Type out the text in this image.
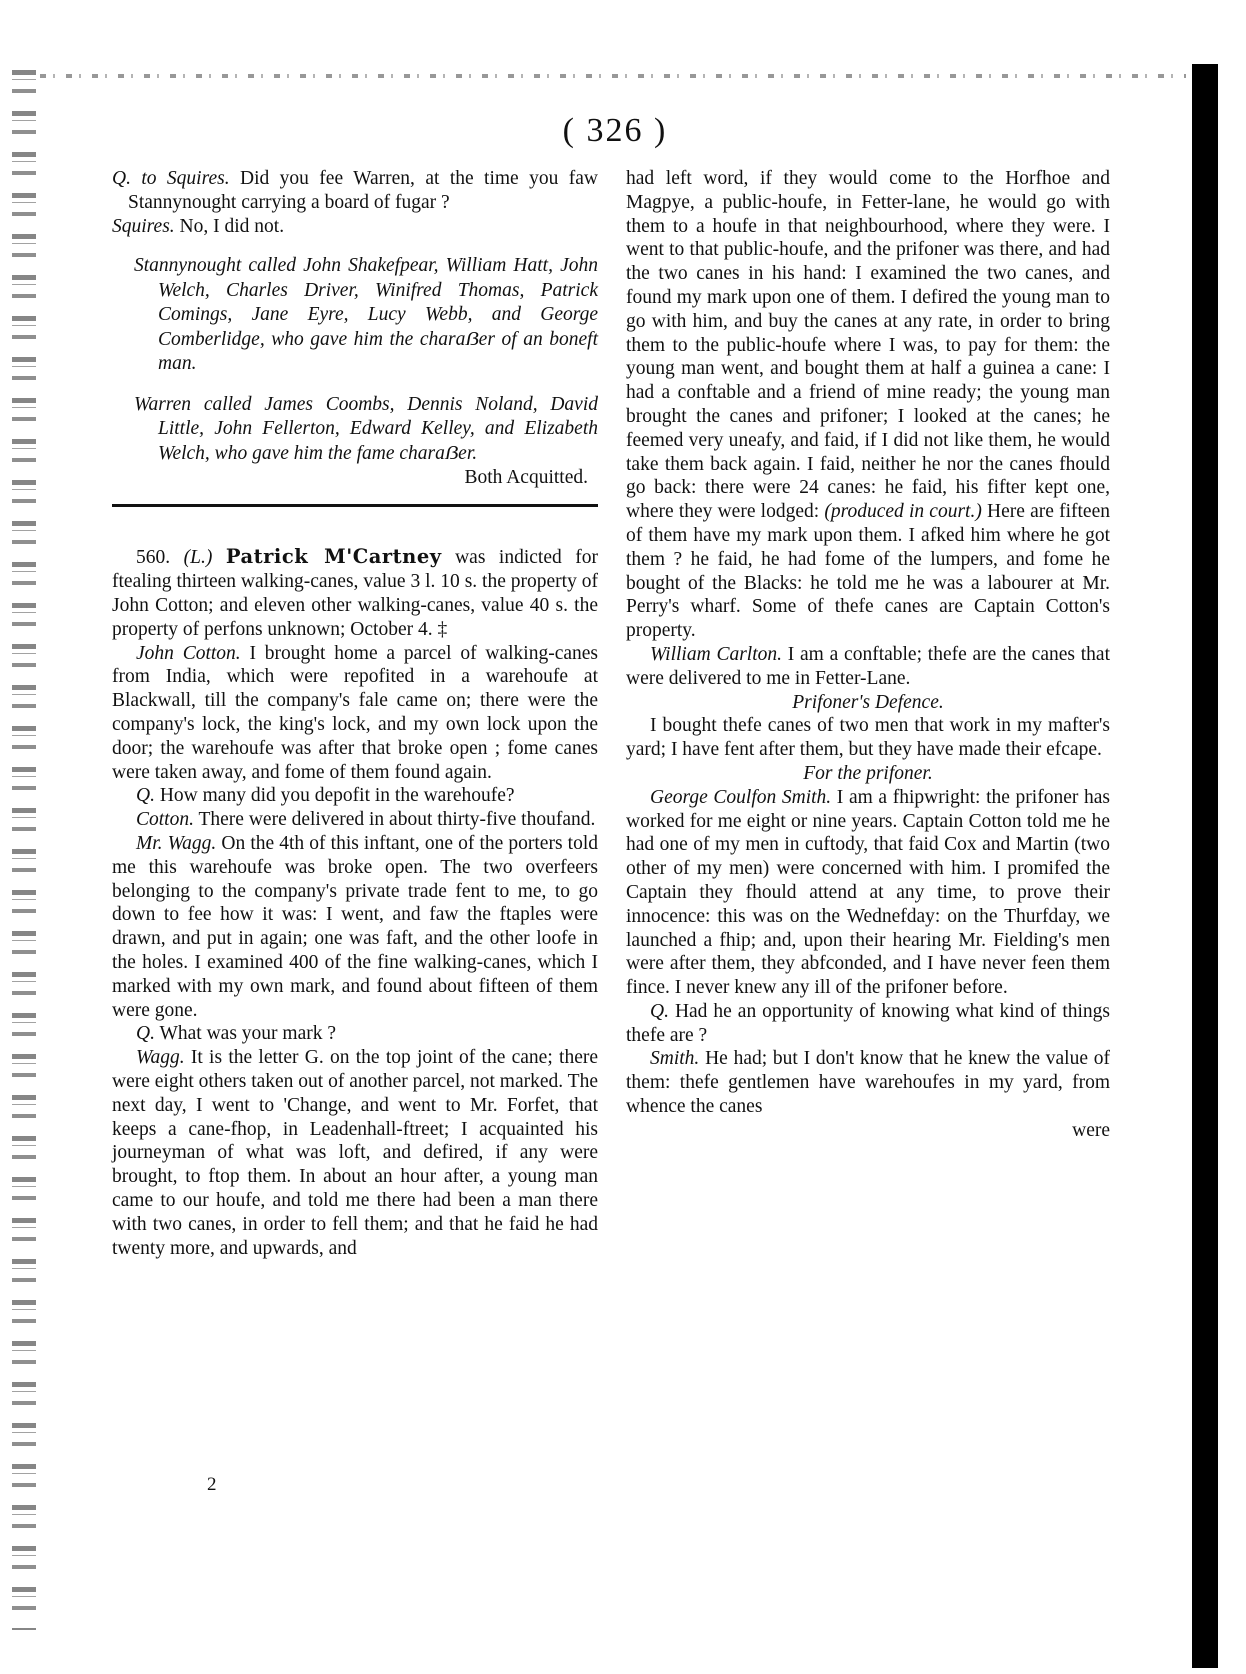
( 326 )

Q. to Squires. Did you fee Warren, at the time you faw Stannynought carrying a board of fugar ?

Squires. No, I did not.

Stannynought called John Shakefpear, William Hatt, John Welch, Charles Driver, Winifred Thomas, Patrick Comings, Jane Eyre, Lucy Webb, and George Comberlidge, who gave him the charaẞer of an boneft man.

Warren called James Coombs, Dennis Noland, David Little, John Fellerton, Edward Kelley, and Elizabeth Welch, who gave him the fame charaẞer.

Both Acquitted.

560. (L.) Patrick M'Cartney was indicted for ftealing thirteen walking-canes, value 3 l. 10 s. the property of John Cotton; and eleven other walking-canes, value 40 s. the property of perfons unknown; October 4. ‡

John Cotton. I brought home a parcel of walking-canes from India, which were repofited in a warehoufe at Blackwall, till the company's fale came on; there were the company's lock, the king's lock, and my own lock upon the door; the warehoufe was after that broke open ; fome canes were taken away, and fome of them found again.

Q. How many did you depofit in the warehoufe?

Cotton. There were delivered in about thirty-five thoufand.

Mr. Wagg. On the 4th of this inftant, one of the porters told me this warehoufe was broke open. The two overfeers belonging to the company's private trade fent to me, to go down to fee how it was: I went, and faw the ftaples were drawn, and put in again; one was faft, and the other loofe in the holes. I examined 400 of the fine walking-canes, which I marked with my own mark, and found about fifteen of them were gone.

Q. What was your mark ?

Wagg. It is the letter G. on the top joint of the cane; there were eight others taken out of another parcel, not marked. The next day, I went to 'Change, and went to Mr. Forfet, that keeps a cane-fhop, in Leadenhall-ftreet; I acquainted his journeyman of what was loft, and defired, if any were brought, to ftop them. In about an hour after, a young man came to our houfe, and told me there had been a man there with two canes, in order to fell them; and that he faid he had twenty more, and upwards, and

had left word, if they would come to the Horfhoe and Magpye, a public-houfe, in Fetter-lane, he would go with them to a houfe in that neighbourhood, where they were. I went to that public-houfe, and the prifoner was there, and had the two canes in his hand: I examined the two canes, and found my mark upon one of them. I defired the young man to go with him, and buy the canes at any rate, in order to bring them to the public-houfe where I was, to pay for them: the young man went, and bought them at half a guinea a cane: I had a conftable and a friend of mine ready; the young man brought the canes and prifoner; I looked at the canes; he feemed very uneafy, and faid, if I did not like them, he would take them back again. I faid, neither he nor the canes fhould go back: there were 24 canes: he faid, his fifter kept one, where they were lodged: (produced in court.) Here are fifteen of them have my mark upon them. I afked him where he got them ? he faid, he had fome of the lumpers, and fome he bought of the Blacks: he told me he was a labourer at Mr. Perry's wharf. Some of thefe canes are Captain Cotton's property.

William Carlton. I am a conftable; thefe are the canes that were delivered to me in Fetter-Lane.

Prifoner's Defence.

I bought thefe canes of two men that work in my mafter's yard; I have fent after them, but they have made their efcape.

For the prifoner.

George Coulfon Smith. I am a fhipwright: the prifoner has worked for me eight or nine years. Captain Cotton told me he had one of my men in cuftody, that faid Cox and Martin (two other of my men) were concerned with him. I promifed the Captain they fhould attend at any time, to prove their innocence: this was on the Wednefday: on the Thurfday, we launched a fhip; and, upon their hearing Mr. Fielding's men were after them, they abfconded, and I have never feen them fince. I never knew any ill of the prifoner before.

Q. Had he an opportunity of knowing what kind of things thefe are ?

Smith. He had; but I don't know that he knew the value of them: thefe gentlemen have warehoufes in my yard, from whence the canes

were

2
